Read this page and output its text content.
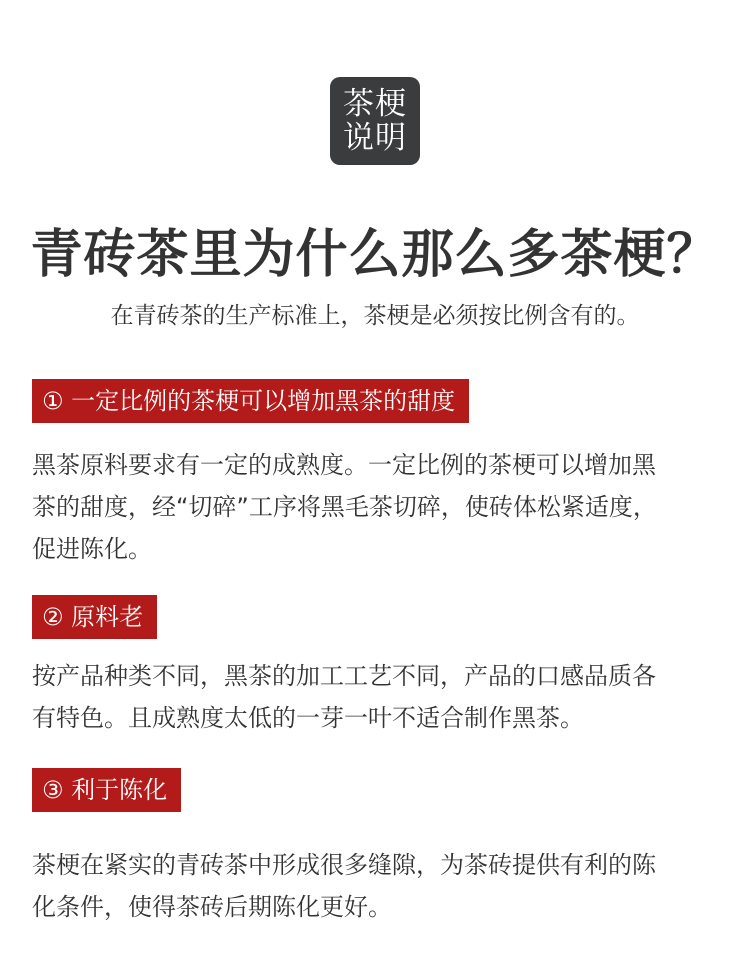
茶梗
说明
青砖茶里为什么那么多茶梗？
在青砖茶的生产标准上，茶梗是必须按比例含有的。
① 一定比例的茶梗可以增加黑茶的甜度
黑茶原料要求有一定的成熟度。一定比例的茶梗可以增加黑
茶的甜度，经“切碎”工序将黑毛茶切碎，使砖体松紧适度，
促进陈化。
② 原料老
按产品种类不同，黑茶的加工工艺不同，产品的口感品质各
有特色。且成熟度太低的一芽一叶不适合制作黑茶。
③ 利于陈化
茶梗在紧实的青砖茶中形成很多缝隙，为茶砖提供有利的陈
化条件，使得茶砖后期陈化更好。
